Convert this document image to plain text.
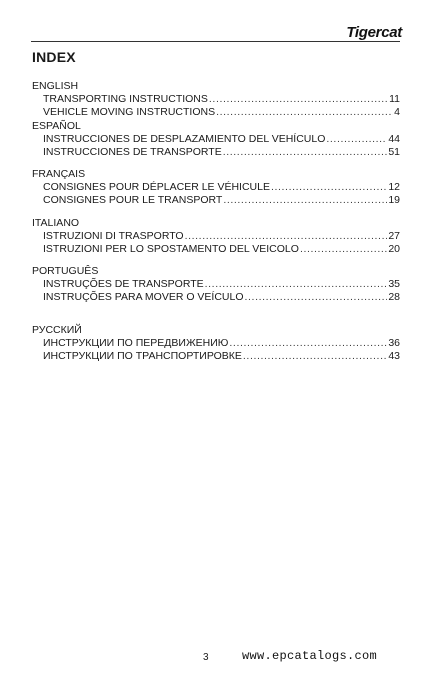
Tigercat
INDEX
ENGLISH
TRANSPORTING INSTRUCTIONS .....	11
VEHICLE MOVING INSTRUCTIONS .....	4
ESPAÑOL
INSTRUCCIONES DE DESPLAZAMIENTO DEL VEHÍCULO .....	44
INSTRUCCIONES DE TRANSPORTE .....	51
FRANÇAIS
CONSIGNES POUR DÉPLACER LE VÉHICULE .....	12
CONSIGNES POUR LE TRANSPORT .....	19
ITALIANO
ISTRUZIONI DI TRASPORTO .....	27
ISTRUZIONI PER LO SPOSTAMENTO DEL VEICOLO .....	20
PORTUGUÊS
INSTRUÇÕES DE TRANSPORTE .....	35
INSTRUÇÕES PARA MOVER O VEÍCULO .....	28
РУССКИЙ
ИНСТРУКЦИИ ПО ПЕРЕДВИЖЕНИЮ .....	36
ИНСТРУКЦИИ ПО ТРАНСПОРТИРОВКЕ .....	43
3	www.epcatalogs.com
